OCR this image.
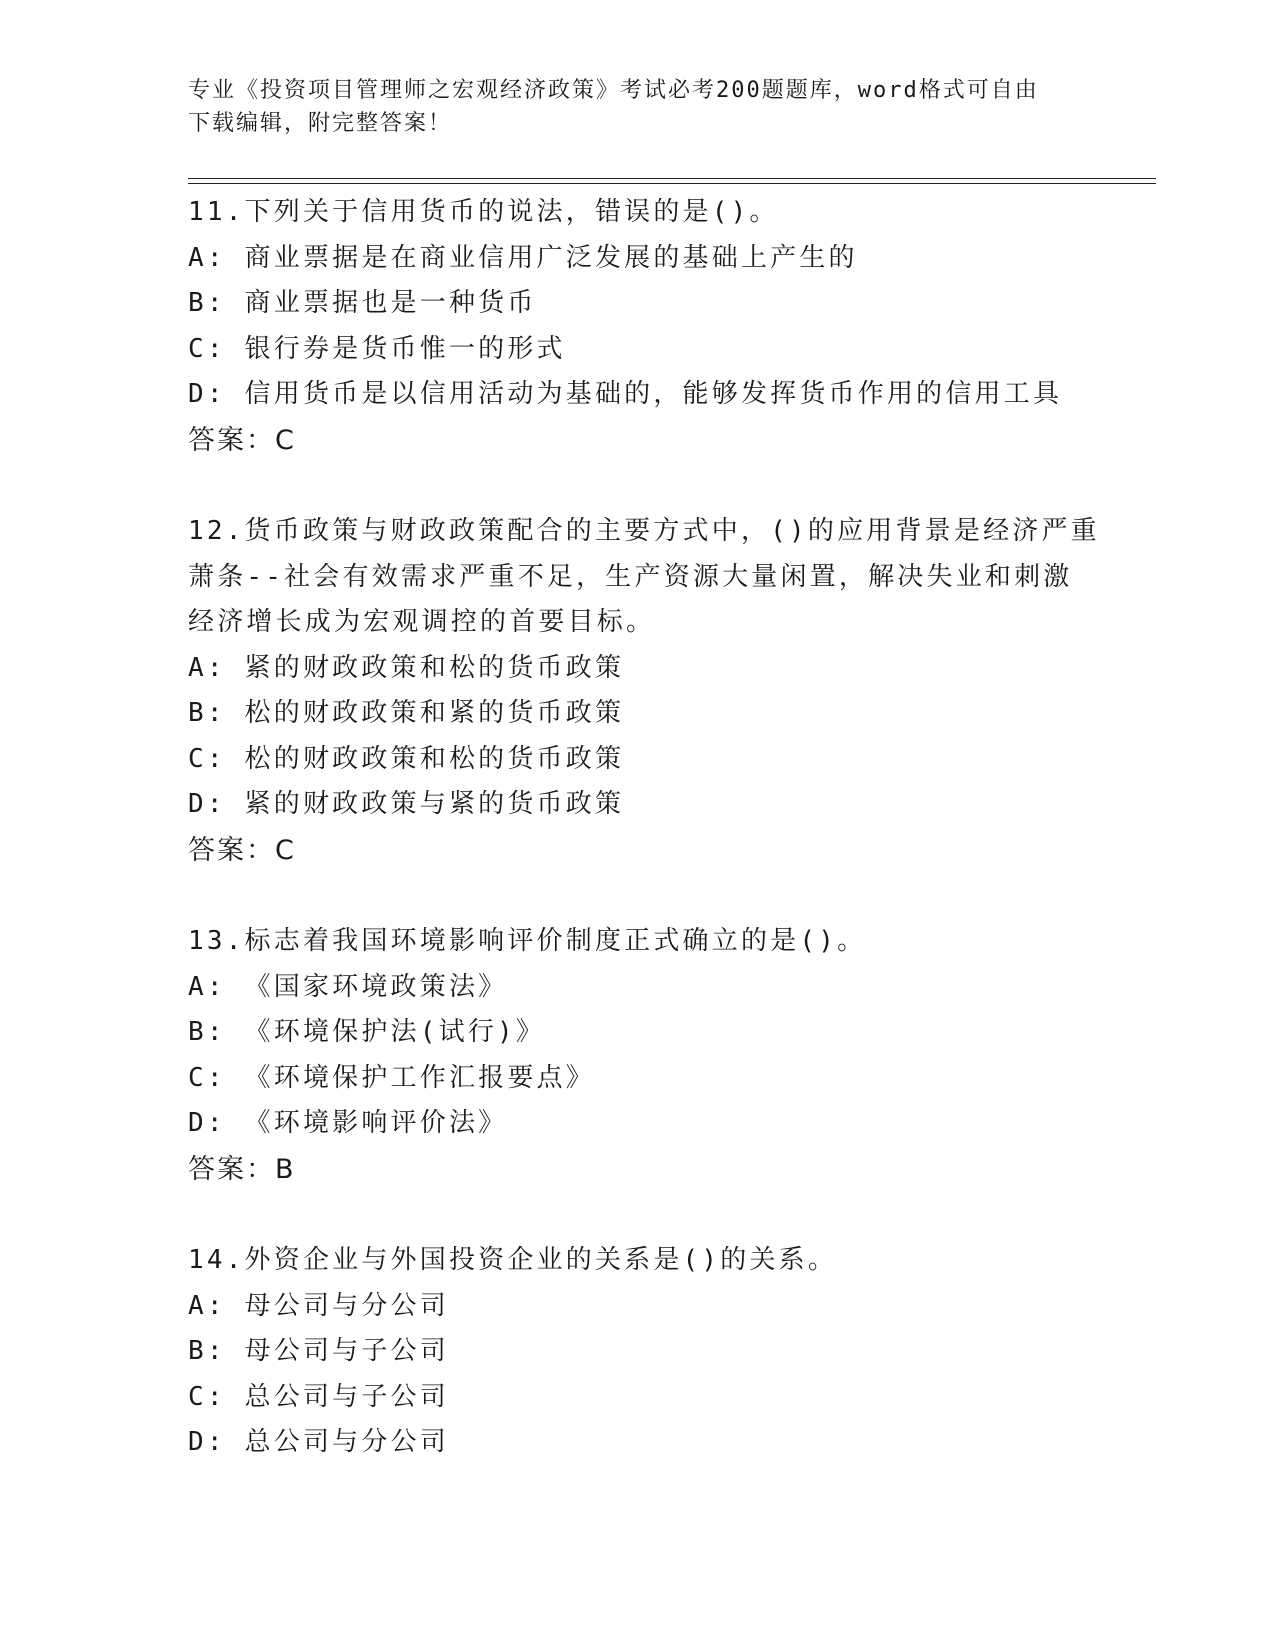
专业《投资项目管理师之宏观经济政策》考试必考200题题库，word格式可自由
下载编辑，附完整答案！
11.下列关于信用货币的说法，错误的是()。
A: 商业票据是在商业信用广泛发展的基础上产生的
B: 商业票据也是一种货币
C: 银行券是货币惟一的形式
D: 信用货币是以信用活动为基础的，能够发挥货币作用的信用工具
答案：C
12.货币政策与财政政策配合的主要方式中，()的应用背景是经济严重
萧条--社会有效需求严重不足，生产资源大量闲置，解决失业和刺激
经济增长成为宏观调控的首要目标。
A: 紧的财政政策和松的货币政策
B: 松的财政政策和紧的货币政策
C: 松的财政政策和松的货币政策
D: 紧的财政政策与紧的货币政策
答案：C
13.标志着我国环境影响评价制度正式确立的是()。
A: 《国家环境政策法》
B: 《环境保护法(试行)》
C: 《环境保护工作汇报要点》
D: 《环境影响评价法》
答案：B
14.外资企业与外国投资企业的关系是()的关系。
A: 母公司与分公司
B: 母公司与子公司
C: 总公司与子公司
D: 总公司与分公司
